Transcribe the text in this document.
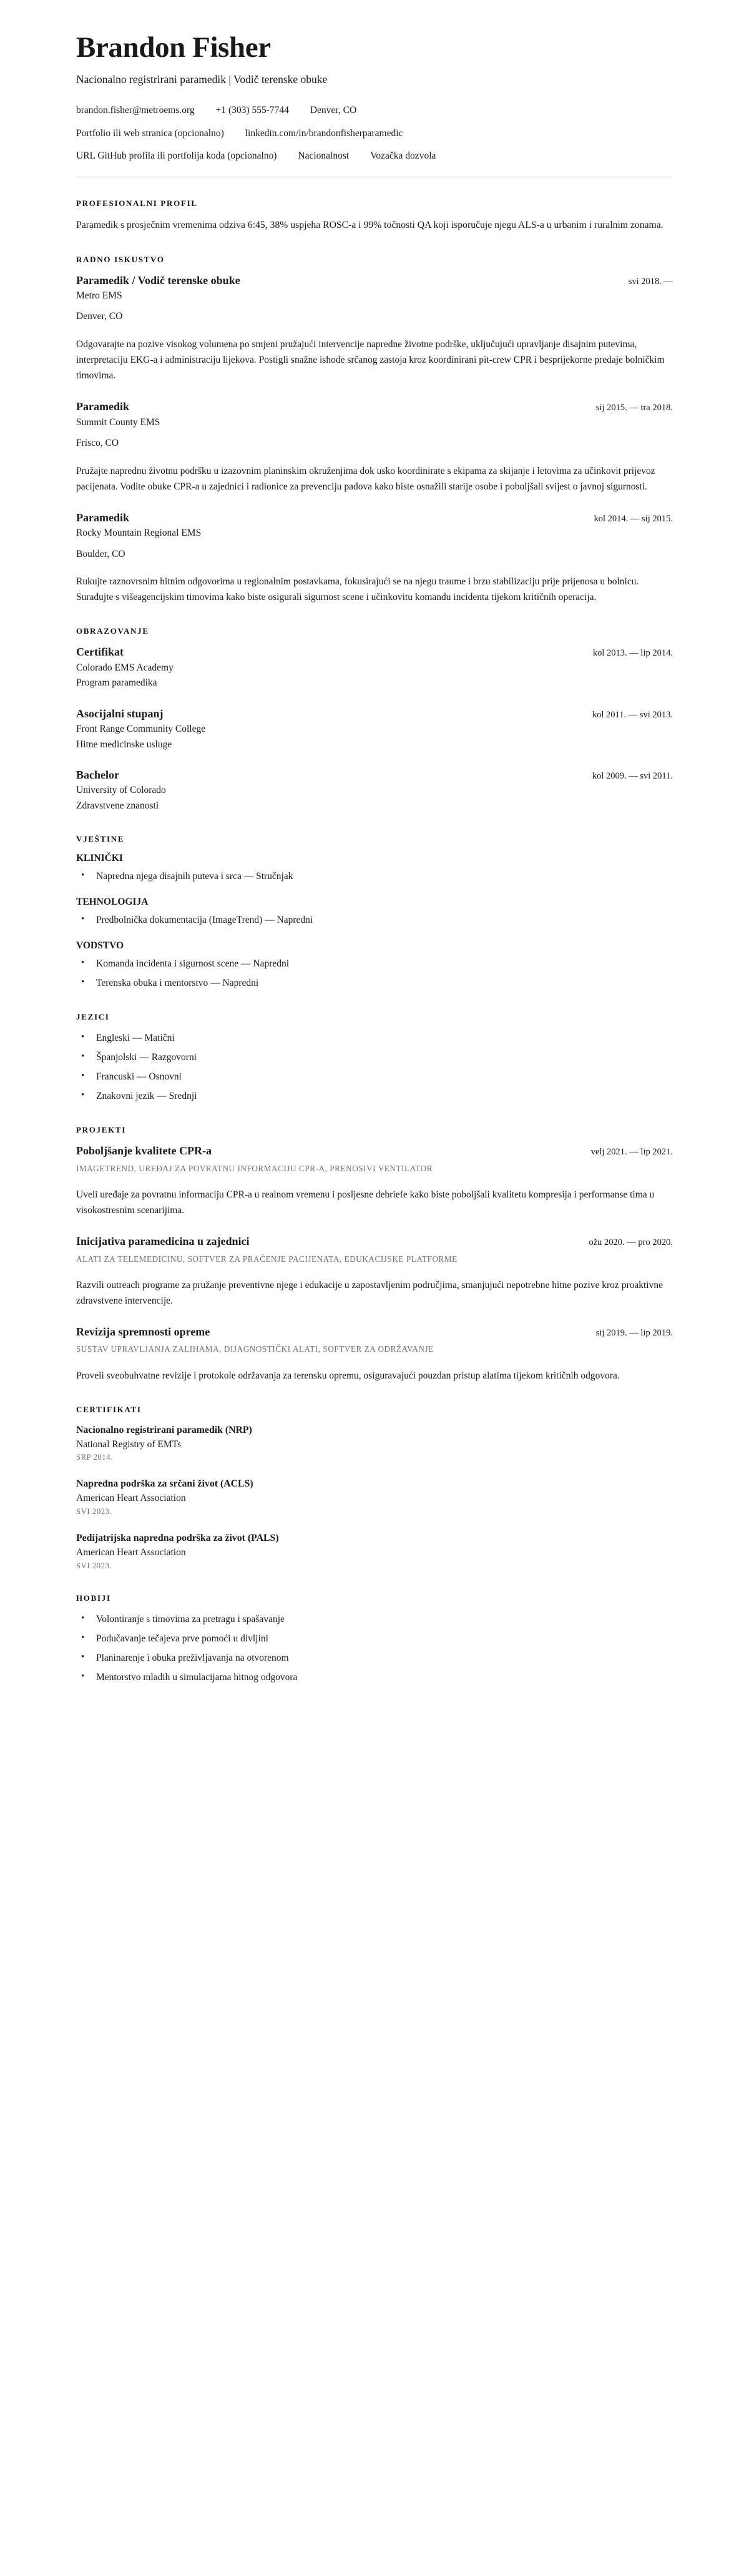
Brandon Fisher

Nacionalno registrirani paramedik | Vodič terenske obuke

brandon.fisher@metroems.org +1 (303) 555-7744 Denver, CO
Portfolio ili web stranica (opcionalno) linkedin.com/in/brandonfisherparamedic
URL GitHub profila ili portfolija koda (opcionalno) Nacionalnost Vozačka dozvola
PROFESIONALNI PROFIL

Paramedik s prosječnim vremenima odziva 6:45, 38% uspjeha ROSC-a i 99% točnosti QA koji isporučuje njegu ALS-a u urbanim i ruralnim zonama.

RADNO ISKUSTVO
Paramedik / Vodič terenske obuke	svi 2018. —

Metro EMS

Denver, CO

Odgovarajte na pozive visokog volumena po smjeni pružajući intervencije napredne životne podrške, uključujući upravljanje disajnim putevima, interpretaciju EKG-a i administraciju lijekova. Postigli snažne ishode srčanog zastoja kroz koordinirani pit-crew CPR i besprijekorne predaje bolničkim timovima.

Paramedik	sij 2015. — tra 2018.

Summit County EMS

Frisco, CO

Pružajte naprednu životnu podršku u izazovnim planinskim okruženjima dok usko koordinirate s ekipama za skijanje i letovima za učinkovit prijevoz pacijenata. Vodite obuke CPR-a u zajednici i radionice za prevenciju padova kako biste osnažili starije osobe i poboljšali svijest o javnoj sigurnosti.

Paramedik	kol 2014. — sij 2015.

Rocky Mountain Regional EMS

Boulder, CO

Rukujte raznovrsnim hitnim odgovorima u regionalnim postavkama, fokusirajući se na njegu traume i brzu stabilizaciju prije prijenosa u bolnicu. Surađujte s višeagencijskim timovima kako biste osigurali sigurnost scene i učinkovitu komandu incidenta tijekom kritičnih operacija.

OBRAZOVANJE
Certifikat	kol 2013. — lip 2014.

Colorado EMS Academy

Program paramedika

Asocijalni stupanj	kol 2011. — svi 2013.

Front Range Community College

Hitne medicinske usluge

Bachelor	kol 2009. — svi 2011.

University of Colorado

Zdravstvene znanosti

VJEŠTINE
KLINIČKI
• Napredna njega disajnih puteva i srca — Stručnjak
TEHNOLOGIJA
• Predbolnička dokumentacija (ImageTrend) — Napredni
VODSTVO
• Komanda incidenta i sigurnost scene — Napredni
• Terenska obuka i mentorstvo — Napredni
JEZICI
• Engleski — Matični
• Španjolski — Razgovorni
• Francuski — Osnovni
• Znakovni jezik — Srednji
PROJEKTI
Poboljšanje kvalitete CPR-a	velj 2021. — lip 2021.

IMAGETREND, UREĐAJ ZA POVRATNU INFORMACIJU CPR-A, PRENOSIVI VENTILATOR

Uveli uređaje za povratnu informaciju CPR-a u realnom vremenu i posljesne debriefe kako biste poboljšali kvalitetu kompresija i performanse tima u visokostresnim scenarijima.

Inicijativa paramedicina u zajednici	ožu 2020. — pro 2020.

ALATI ZA TELEMEDICINU, SOFTVER ZA PRAĆENJE PACIJENATA, EDUKACIJSKE PLATFORME

Razvili outreach programe za pružanje preventivne njege i edukacije u zapostavljenim područjima, smanjujući nepotrebne hitne pozive kroz proaktivne zdravstvene intervencije.

Revizija spremnosti opreme	sij 2019. — lip 2019.

SUSTAV UPRAVLJANJA ZALIHAMA, DIJAGNOSTIČKI ALATI, SOFTVER ZA ODRŽAVANJE

Proveli sveobuhvatne revizije i protokole održavanja za terensku opremu, osiguravajući pouzdan pristup alatima tijekom kritičnih odgovora.

CERTIFIKATI

Nacionalno registrirani paramedik (NRP)

National Registry of EMTs

SRP 2014.

Napredna podrška za srčani život (ACLS)

American Heart Association

SVI 2023.

Pedijatrijska napredna podrška za život (PALS)

American Heart Association

SVI 2023.

HOBIJI
• Volontiranje s timovima za pretragu i spašavanje
• Podučavanje tečajeva prve pomoći u divljini
• Planinarenje i obuka preživljavanja na otvorenom
• Mentorstvo mladih u simulacijama hitnog odgovora
